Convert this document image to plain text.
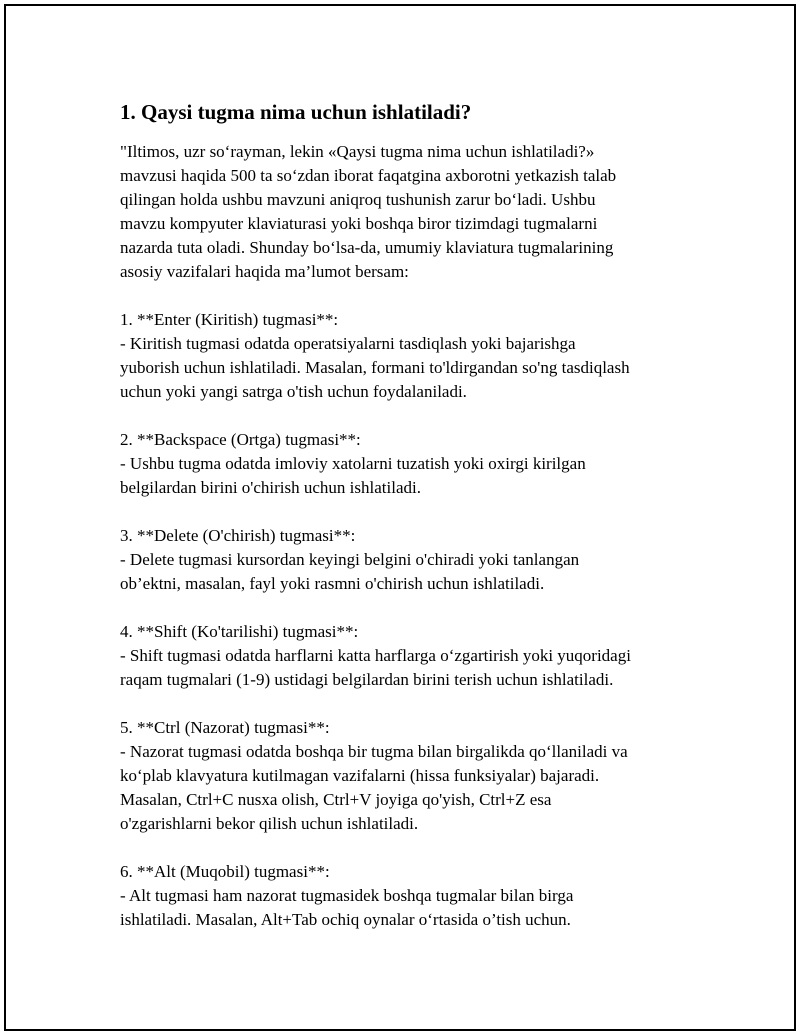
1. Qaysi tugma nima uchun ishlatiladi?

"Iltimos, uzr so‘rayman, lekin «Qaysi tugma nima uchun ishlatiladi?»
mavzusi haqida 500 ta so‘zdan iborat faqatgina axborotni yetkazish talab
qilingan holda ushbu mavzuni aniqroq tushunish zarur bo‘ladi. Ushbu
mavzu kompyuter klaviaturasi yoki boshqa biror tizimdagi tugmalarni
nazarda tuta oladi. Shunday bo‘lsa-da, umumiy klaviatura tugmalarining
asosiy vazifalari haqida ma’lumot bersam:

1. **Enter (Kiritish) tugmasi**:

- Kiritish tugmasi odatda operatsiyalarni tasdiqlash yoki bajarishga
yuborish uchun ishlatiladi. Masalan, formani to'ldirgandan so'ng tasdiqlash
uchun yoki yangi satrga o'tish uchun foydalaniladi.

2. **Backspace (Ortga) tugmasi**:

- Ushbu tugma odatda imloviy xatolarni tuzatish yoki oxirgi kirilgan
belgilardan birini o'chirish uchun ishlatiladi.

3. **Delete (O'chirish) tugmasi**:

- Delete tugmasi kursordan keyingi belgini o'chiradi yoki tanlangan
ob’ektni, masalan, fayl yoki rasmni o'chirish uchun ishlatiladi.

4. **Shift (Ko'tarilishi) tugmasi**:

- Shift tugmasi odatda harflarni katta harflarga o‘zgartirish yoki yuqoridagi
raqam tugmalari (1-9) ustidagi belgilardan birini terish uchun ishlatiladi.

5. **Ctrl (Nazorat) tugmasi**:

- Nazorat tugmasi odatda boshqa bir tugma bilan birgalikda qo‘llaniladi va
ko‘plab klavyatura kutilmagan vazifalarni (hissa funksiyalar) bajaradi.
Masalan, Ctrl+C nusxa olish, Ctrl+V joyiga qo'yish, Ctrl+Z esa
o'zgarishlarni bekor qilish uchun ishlatiladi.

6. **Alt (Muqobil) tugmasi**:

- Alt tugmasi ham nazorat tugmasidek boshqa tugmalar bilan birga
ishlatiladi. Masalan, Alt+Tab ochiq oynalar o‘rtasida o’tish uchun.
